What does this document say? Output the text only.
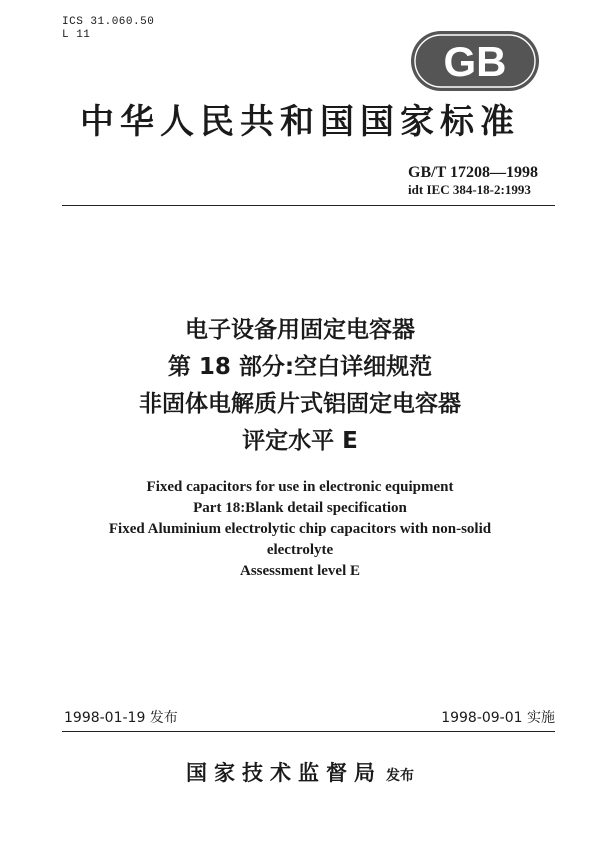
ICS 31.060.50
L 11
GB
中华人民共和国国家标准
GB/T 17208—1998
idt IEC 384-18-2:1993
电子设备用固定电容器
第 18 部分:空白详细规范
非固体电解质片式铝固定电容器
评定水平 E
Fixed capacitors for use in electronic equipment
Part 18:Blank detail specification
Fixed Aluminium electrolytic chip capacitors with non-solid
electrolyte
Assessment level E
1998-01-19 发布	1998-09-01 实施
国家技术监督局 发布
